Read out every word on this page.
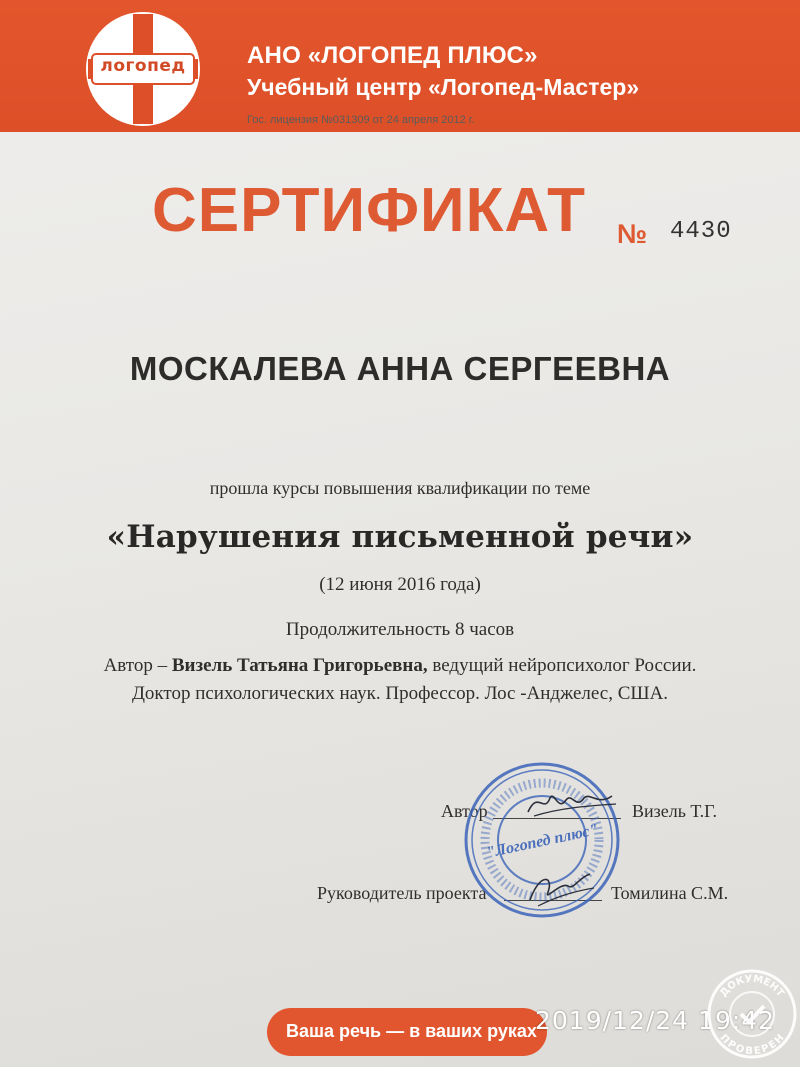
логопед	АНО «ЛОГОПЕД ПЛЮС»
Учебный центр «Логопед-Мастер»
Гос. лицензия №031309 от 24 апреля 2012 г.
СЕРТИФИКАТ № 4430
МОСКАЛЕВА АННА СЕРГЕЕВНА
прошла курсы повышения квалификации по теме
«Нарушения письменной речи»
(12 июня 2016 года)
Продолжительность 8 часов
Автор – Визель Татьяна Григорьевна, ведущий нейропсихолог России.
Доктор психологических наук. Профессор. Лос -Анджелес, США.
Автор	Визель Т.Г.
Руководитель проекта	Томилина С.М.
"Логопед плюс"
Ваша речь — в ваших руках
2019/12/24 19:42
ДОКУМЕНТ
ПРОВЕРЕН
